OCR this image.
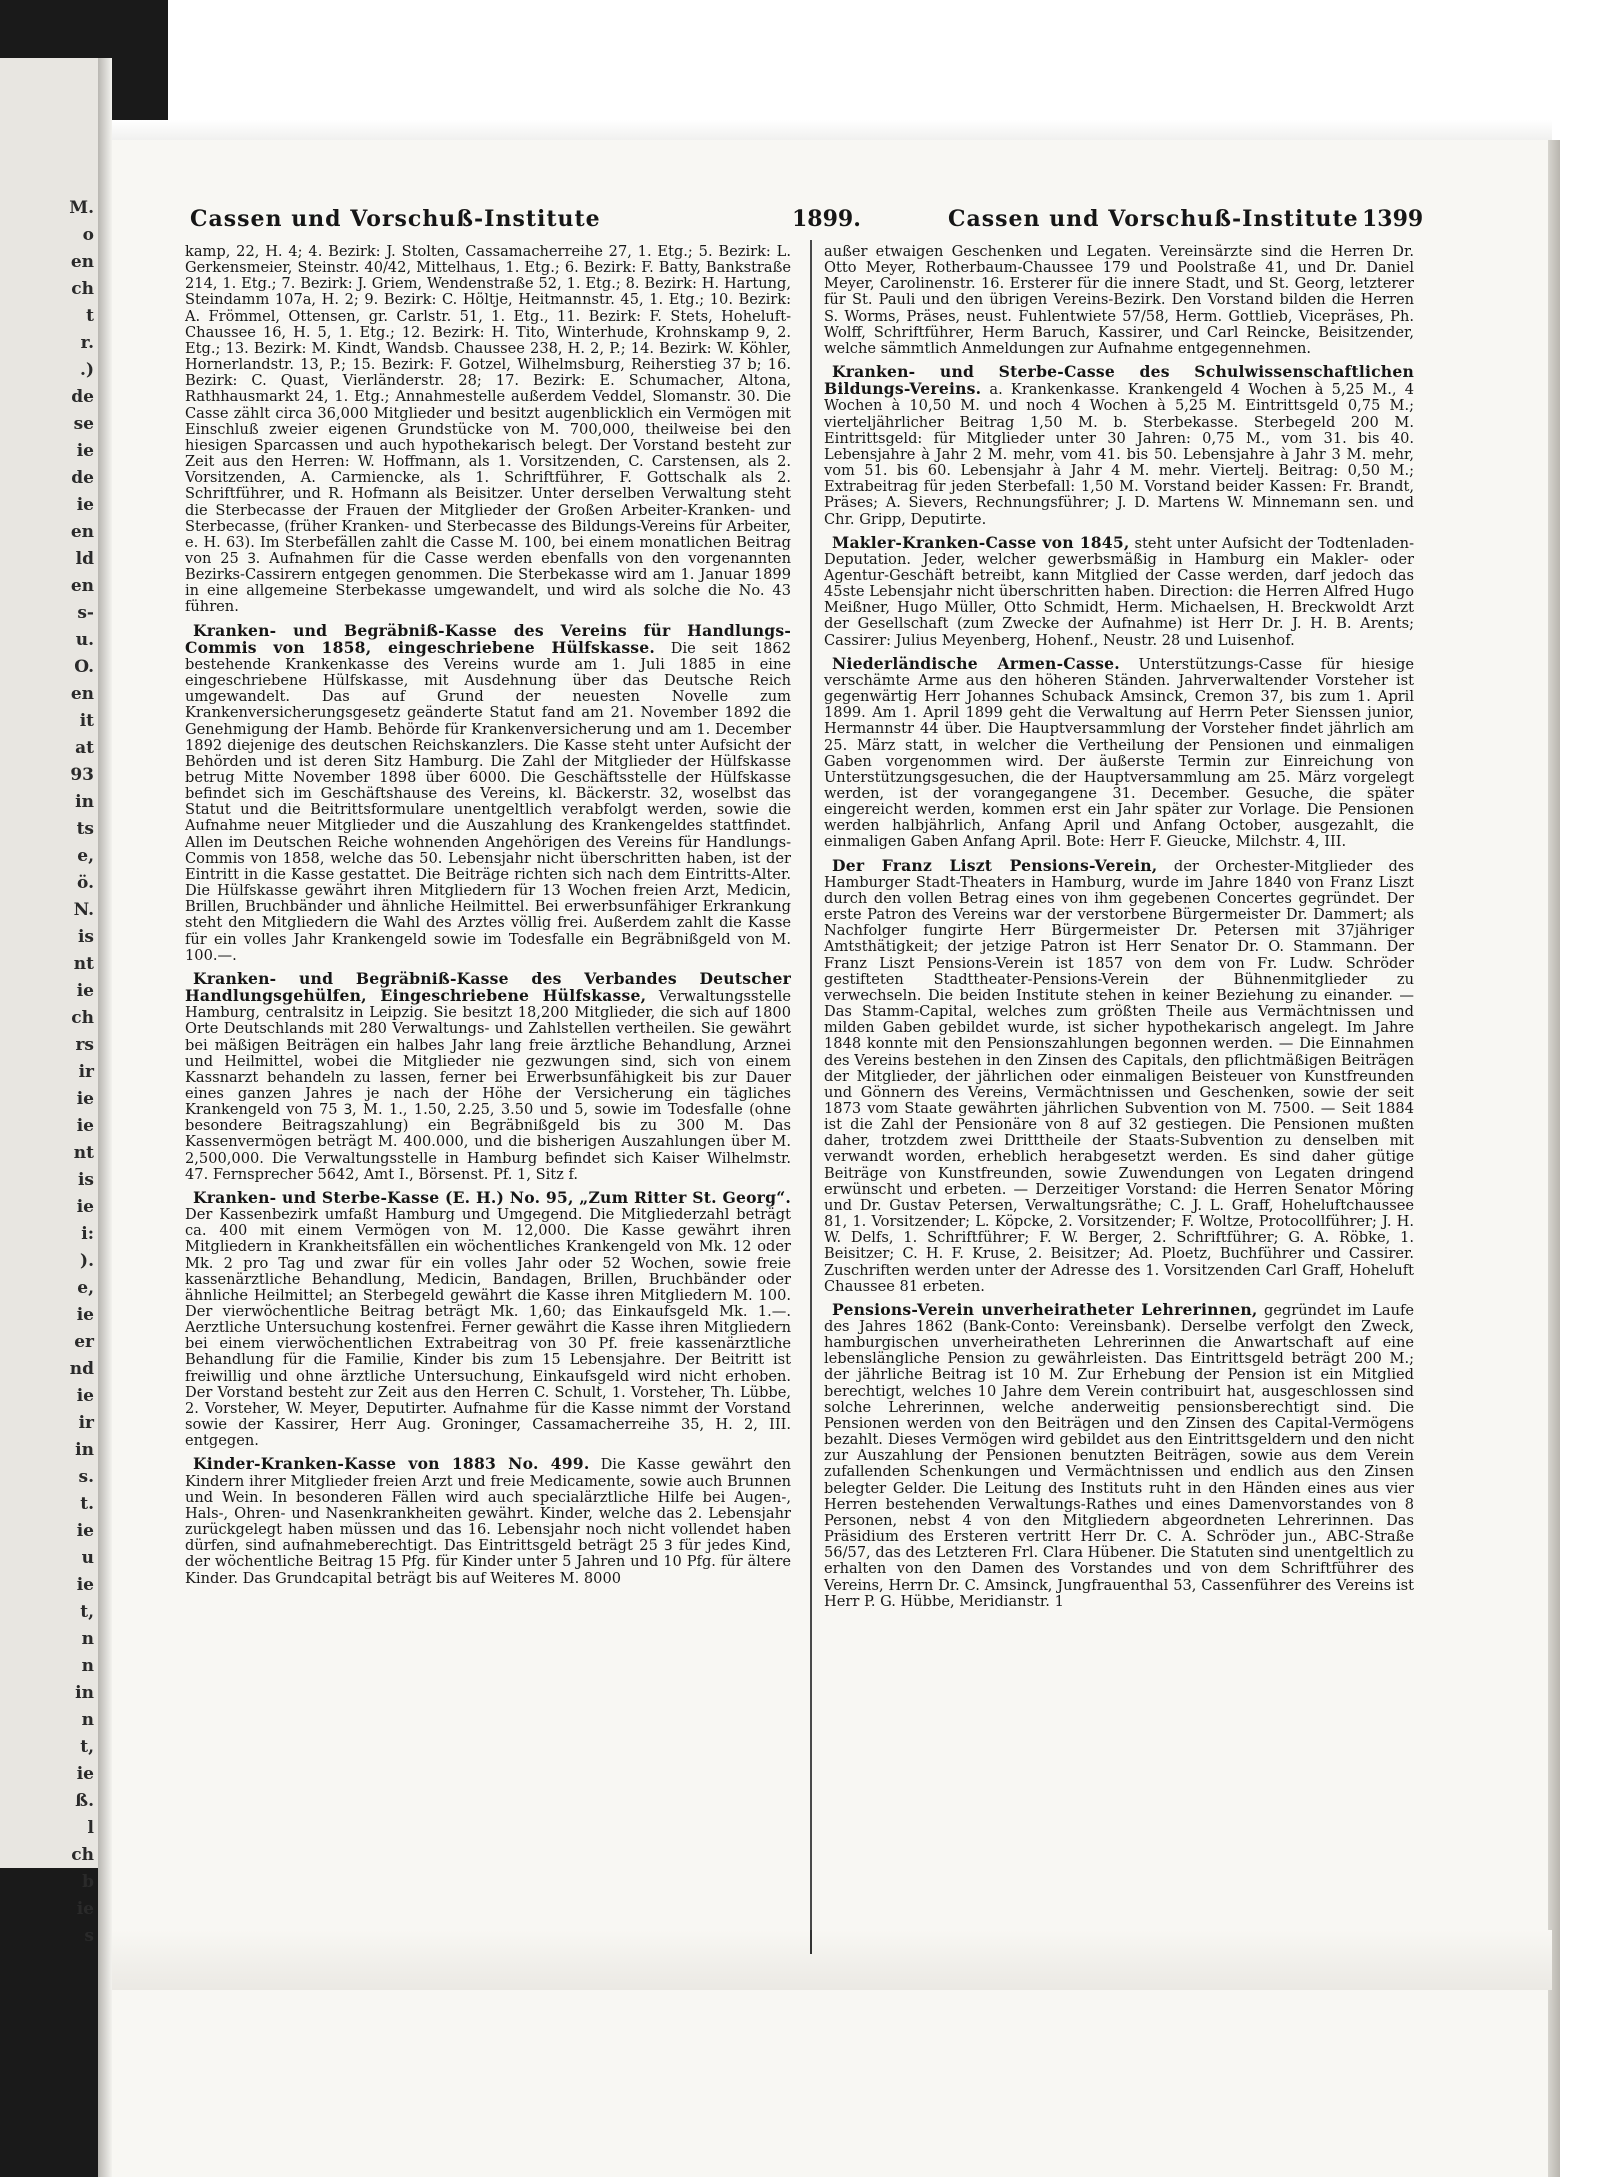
M.
o
en
ch
t
r.
.)
de
se
ie
de
ie
en
ld
en
s-
u.
O.
en
it
at
93
in
ts
e,
ö.
N.
is
nt
ie
ch
rs
ir
ie
ie
nt
is
ie
i:
).
e,
ie
er
nd
ie
ir
in
s.
t.
ie
u
ie
t,
n
n
in
n
t,
ie
ß.
l
ch
b
ie
s
Cassen und Vorschuß-Institute	1899.	Cassen und Vorschuß-Institute 1399

kamp, 22, H. 4; 4. Bezirk: J. Stolten, Cassamacherreihe 27, 1. Etg.; 5. Bezirk: L. Gerkensmeier, Steinstr. 40/42, Mittelhaus, 1. Etg.; 6. Bezirk: F. Batty, Bankstraße 214, 1. Etg.; 7. Bezirk: J. Griem, Wendenstraße 52, 1. Etg.; 8. Bezirk: H. Hartung, Steindamm 107a, H. 2; 9. Bezirk: C. Höltje, Heitmannstr. 45, 1. Etg.; 10. Bezirk: A. Frömmel, Ottensen, gr. Carlstr. 51, 1. Etg., 11. Bezirk: F. Stets, Hoheluft-Chaussee 16, H. 5, 1. Etg.; 12. Bezirk: H. Tito, Winterhude, Krohnskamp 9, 2. Etg.; 13. Bezirk: M. Kindt, Wandsb. Chaussee 238, H. 2, P.; 14. Bezirk: W. Köhler, Hornerlandstr. 13, P.; 15. Bezirk: F. Gotzel, Wilhelmsburg, Reiherstieg 37 b; 16. Bezirk: C. Quast, Vierländerstr. 28; 17. Bezirk: E. Schumacher, Altona, Rathhausmarkt 24, 1. Etg.; Annahmestelle außerdem Veddel, Slomanstr. 30. Die Casse zählt circa 36,000 Mitglieder und besitzt augenblicklich ein Vermögen mit Einschluß zweier eigenen Grundstücke von M. 700,000, theilweise bei den hiesigen Sparcassen und auch hypothekarisch belegt. Der Vorstand besteht zur Zeit aus den Herren: W. Hoffmann, als 1. Vorsitzenden, C. Carstensen, als 2. Vorsitzenden, A. Carmiencke, als 1. Schriftführer, F. Gottschalk als 2. Schriftführer, und R. Hofmann als Beisitzer. Unter derselben Verwaltung steht die Sterbecasse der Frauen der Mitglieder der Großen Arbeiter-Kranken- und Sterbecasse, (früher Kranken- und Sterbecasse des Bildungs-Vereins für Arbeiter, e. H. 63). Im Sterbefällen zahlt die Casse M. 100, bei einem monatlichen Beitrag von 25 Ꝫ. Aufnahmen für die Casse werden ebenfalls von den vorgenannten Bezirks-Cassirern entgegen genommen. Die Sterbekasse wird am 1. Januar 1899 in eine allgemeine Sterbekasse umgewandelt, und wird als solche die No. 43 führen.

Kranken- und Begräbniß-Kasse des Vereins für Handlungs-Commis von 1858, eingeschriebene Hülfskasse. Die seit 1862 bestehende Krankenkasse des Vereins wurde am 1. Juli 1885 in eine eingeschriebene Hülfskasse, mit Ausdehnung über das Deutsche Reich umgewandelt. Das auf Grund der neuesten Novelle zum Krankenversicherungsgesetz geänderte Statut fand am 21. November 1892 die Genehmigung der Hamb. Behörde für Krankenversicherung und am 1. December 1892 diejenige des deutschen Reichskanzlers. Die Kasse steht unter Aufsicht der Behörden und ist deren Sitz Hamburg. Die Zahl der Mitglieder der Hülfskasse betrug Mitte November 1898 über 6000. Die Geschäftsstelle der Hülfskasse befindet sich im Geschäftshause des Vereins, kl. Bäckerstr. 32, woselbst das Statut und die Beitrittsformulare unentgeltlich verabfolgt werden, sowie die Aufnahme neuer Mitglieder und die Auszahlung des Krankengeldes stattfindet. Allen im Deutschen Reiche wohnenden Angehörigen des Vereins für Handlungs-Commis von 1858, welche das 50. Lebensjahr nicht überschritten haben, ist der Eintritt in die Kasse gestattet. Die Beiträge richten sich nach dem Eintritts-Alter. Die Hülfskasse gewährt ihren Mitgliedern für 13 Wochen freien Arzt, Medicin, Brillen, Bruchbänder und ähnliche Heilmittel. Bei erwerbsunfähiger Erkrankung steht den Mitgliedern die Wahl des Arztes völlig frei. Außerdem zahlt die Kasse für ein volles Jahr Krankengeld sowie im Todesfalle ein Begräbnißgeld von M. 100.—.

Kranken- und Begräbniß-Kasse des Verbandes Deutscher Handlungsgehülfen, Eingeschriebene Hülfskasse, Verwaltungsstelle Hamburg, centralsitz in Leipzig. Sie besitzt 18,200 Mitglieder, die sich auf 1800 Orte Deutschlands mit 280 Verwaltungs- und Zahlstellen vertheilen. Sie gewährt bei mäßigen Beiträgen ein halbes Jahr lang freie ärztliche Behandlung, Arznei und Heilmittel, wobei die Mitglieder nie gezwungen sind, sich von einem Kassnarzt behandeln zu lassen, ferner bei Erwerbsunfähigkeit bis zur Dauer eines ganzen Jahres je nach der Höhe der Versicherung ein tägliches Krankengeld von 75 Ꝫ, M. 1., 1.50, 2.25, 3.50 und 5, sowie im Todesfalle (ohne besondere Beitragszahlung) ein Begräbnißgeld bis zu 300 M. Das Kassenvermögen beträgt M. 400.000, und die bisherigen Auszahlungen über M. 2,500,000. Die Verwaltungsstelle in Hamburg befindet sich Kaiser Wilhelmstr. 47. Fernsprecher 5642, Amt I., Börsenst. Pf. 1, Sitz f.

Kranken- und Sterbe-Kasse (E. H.) No. 95, „Zum Ritter St. Georg“. Der Kassenbezirk umfaßt Hamburg und Umgegend. Die Mitgliederzahl beträgt ca. 400 mit einem Vermögen von M. 12,000. Die Kasse gewährt ihren Mitgliedern in Krankheitsfällen ein wöchentliches Krankengeld von Mk. 12 oder Mk. 2 pro Tag und zwar für ein volles Jahr oder 52 Wochen, sowie freie kassenärztliche Behandlung, Medicin, Bandagen, Brillen, Bruchbänder oder ähnliche Heilmittel; an Sterbegeld gewährt die Kasse ihren Mitgliedern M. 100. Der vierwöchentliche Beitrag beträgt Mk. 1,60; das Einkaufsgeld Mk. 1.—. Aerztliche Untersuchung kostenfrei. Ferner gewährt die Kasse ihren Mitgliedern bei einem vierwöchentlichen Extrabeitrag von 30 Pf. freie kassenärztliche Behandlung für die Familie, Kinder bis zum 15 Lebensjahre. Der Beitritt ist freiwillig und ohne ärztliche Untersuchung, Einkaufsgeld wird nicht erhoben. Der Vorstand besteht zur Zeit aus den Herren C. Schult, 1. Vorsteher, Th. Lübbe, 2. Vorsteher, W. Meyer, Deputirter. Aufnahme für die Kasse nimmt der Vorstand sowie der Kassirer, Herr Aug. Groninger, Cassamacherreihe 35, H. 2, III. entgegen.

Kinder-Kranken-Kasse von 1883 No. 499. Die Kasse gewährt den Kindern ihrer Mitglieder freien Arzt und freie Medicamente, sowie auch Brunnen und Wein. In besonderen Fällen wird auch specialärztliche Hilfe bei Augen-, Hals-, Ohren- und Nasenkrankheiten gewährt. Kinder, welche das 2. Lebensjahr zurückgelegt haben müssen und das 16. Lebensjahr noch nicht vollendet haben dürfen, sind aufnahmeberechtigt. Das Eintrittsgeld beträgt 25 Ꝫ für jedes Kind, der wöchentliche Beitrag 15 Pfg. für Kinder unter 5 Jahren und 10 Pfg. für ältere Kinder. Das Grundcapital beträgt bis auf Weiteres M. 8000

außer etwaigen Geschenken und Legaten. Vereinsärzte sind die Herren Dr. Otto Meyer, Rotherbaum-Chaussee 179 und Poolstraße 41, und Dr. Daniel Meyer, Carolinenstr. 16. Ersterer für die innere Stadt, und St. Georg, letzterer für St. Pauli und den übrigen Vereins-Bezirk. Den Vorstand bilden die Herren S. Worms, Präses, neust. Fuhlentwiete 57/58, Herm. Gottlieb, Vicepräses, Ph. Wolff, Schriftführer, Herm Baruch, Kassirer, und Carl Reincke, Beisitzender, welche sämmtlich Anmeldungen zur Aufnahme entgegennehmen.

Kranken- und Sterbe-Casse des Schulwissenschaftlichen Bildungs-Vereins. a. Krankenkasse. Krankengeld 4 Wochen à 5,25 M., 4 Wochen à 10,50 M. und noch 4 Wochen à 5,25 M. Eintrittsgeld 0,75 M.; vierteljährlicher Beitrag 1,50 M. b. Sterbekasse. Sterbegeld 200 M. Eintrittsgeld: für Mitglieder unter 30 Jahren: 0,75 M., vom 31. bis 40. Lebensjahre à Jahr 2 M. mehr, vom 41. bis 50. Lebensjahre à Jahr 3 M. mehr, vom 51. bis 60. Lebensjahr à Jahr 4 M. mehr. Viertelj. Beitrag: 0,50 M.; Extrabeitrag für jeden Sterbefall: 1,50 M. Vorstand beider Kassen: Fr. Brandt, Präses; A. Sievers, Rechnungsführer; J. D. Martens W. Minnemann sen. und Chr. Gripp, Deputirte.

Makler-Kranken-Casse von 1845, steht unter Aufsicht der Todtenladen-Deputation. Jeder, welcher gewerbsmäßig in Hamburg ein Makler- oder Agentur-Geschäft betreibt, kann Mitglied der Casse werden, darf jedoch das 45ste Lebensjahr nicht überschritten haben. Direction: die Herren Alfred Hugo Meißner, Hugo Müller, Otto Schmidt, Herm. Michaelsen, H. Breckwoldt Arzt der Gesellschaft (zum Zwecke der Aufnahme) ist Herr Dr. J. H. B. Arents; Cassirer: Julius Meyenberg, Hohenf., Neustr. 28 und Luisenhof.

Niederländische Armen-Casse. Unterstützungs-Casse für hiesige verschämte Arme aus den höheren Ständen. Jahrverwaltender Vorsteher ist gegenwärtig Herr Johannes Schuback Amsinck, Cremon 37, bis zum 1. April 1899. Am 1. April 1899 geht die Verwaltung auf Herrn Peter Sienssen junior, Hermannstr 44 über. Die Hauptversammlung der Vorsteher findet jährlich am 25. März statt, in welcher die Vertheilung der Pensionen und einmaligen Gaben vorgenommen wird. Der äußerste Termin zur Einreichung von Unterstützungsgesuchen, die der Hauptversammlung am 25. März vorgelegt werden, ist der vorangegangene 31. December. Gesuche, die später eingereicht werden, kommen erst ein Jahr später zur Vorlage. Die Pensionen werden halbjährlich, Anfang April und Anfang October, ausgezahlt, die einmaligen Gaben Anfang April. Bote: Herr F. Gieucke, Milchstr. 4, III.

Der Franz Liszt Pensions-Verein, der Orchester-Mitglieder des Hamburger Stadt-Theaters in Hamburg, wurde im Jahre 1840 von Franz Liszt durch den vollen Betrag eines von ihm gegebenen Concertes gegründet. Der erste Patron des Vereins war der verstorbene Bürgermeister Dr. Dammert; als Nachfolger fungirte Herr Bürgermeister Dr. Petersen mit 37jähriger Amtsthätigkeit; der jetzige Patron ist Herr Senator Dr. O. Stammann. Der Franz Liszt Pensions-Verein ist 1857 von dem von Fr. Ludw. Schröder gestifteten Stadttheater-Pensions-Verein der Bühnenmitglieder zu verwechseln. Die beiden Institute stehen in keiner Beziehung zu einander. — Das Stamm-Capital, welches zum größten Theile aus Vermächtnissen und milden Gaben gebildet wurde, ist sicher hypothekarisch angelegt. Im Jahre 1848 konnte mit den Pensionszahlungen begonnen werden. — Die Einnahmen des Vereins bestehen in den Zinsen des Capitals, den pflichtmäßigen Beiträgen der Mitglieder, der jährlichen oder einmaligen Beisteuer von Kunstfreunden und Gönnern des Vereins, Vermächtnissen und Geschenken, sowie der seit 1873 vom Staate gewährten jährlichen Subvention von M. 7500. — Seit 1884 ist die Zahl der Pensionäre von 8 auf 32 gestiegen. Die Pensionen mußten daher, trotzdem zwei Dritttheile der Staats-Subvention zu denselben mit verwandt worden, erheblich herabgesetzt werden. Es sind daher gütige Beiträge von Kunstfreunden, sowie Zuwendungen von Legaten dringend erwünscht und erbeten. — Derzeitiger Vorstand: die Herren Senator Möring und Dr. Gustav Petersen, Verwaltungsräthe; C. J. L. Graff, Hoheluftchaussee 81, 1. Vorsitzender; L. Köpcke, 2. Vorsitzender; F. Woltze, Protocollführer; J. H. W. Delfs, 1. Schriftführer; F. W. Berger, 2. Schriftführer; G. A. Röbke, 1. Beisitzer; C. H. F. Kruse, 2. Beisitzer; Ad. Ploetz, Buchführer und Cassirer. Zuschriften werden unter der Adresse des 1. Vorsitzenden Carl Graff, Hoheluft Chaussee 81 erbeten.

Pensions-Verein unverheiratheter Lehrerinnen, gegründet im Laufe des Jahres 1862 (Bank-Conto: Vereinsbank). Derselbe verfolgt den Zweck, hamburgischen unverheiratheten Lehrerinnen die Anwartschaft auf eine lebenslängliche Pension zu gewährleisten. Das Eintrittsgeld beträgt 200 M.; der jährliche Beitrag ist 10 M. Zur Erhebung der Pension ist ein Mitglied berechtigt, welches 10 Jahre dem Verein contribuirt hat, ausgeschlossen sind solche Lehrerinnen, welche anderweitig pensionsberechtigt sind. Die Pensionen werden von den Beiträgen und den Zinsen des Capital-Vermögens bezahlt. Dieses Vermögen wird gebildet aus den Eintrittsgeldern und den nicht zur Auszahlung der Pensionen benutzten Beiträgen, sowie aus dem Verein zufallenden Schenkungen und Vermächtnissen und endlich aus den Zinsen belegter Gelder. Die Leitung des Instituts ruht in den Händen eines aus vier Herren bestehenden Verwaltungs-Rathes und eines Damenvorstandes von 8 Personen, nebst 4 von den Mitgliedern abgeordneten Lehrerinnen. Das Präsidium des Ersteren vertritt Herr Dr. C. A. Schröder jun., ABC-Straße 56/57, das des Letzteren Frl. Clara Hübener. Die Statuten sind unentgeltlich zu erhalten von den Damen des Vorstandes und von dem Schriftführer des Vereins, Herrn Dr. C. Amsinck, Jungfrauenthal 53, Cassenführer des Vereins ist Herr P. G. Hübbe, Meridianstr. 1
